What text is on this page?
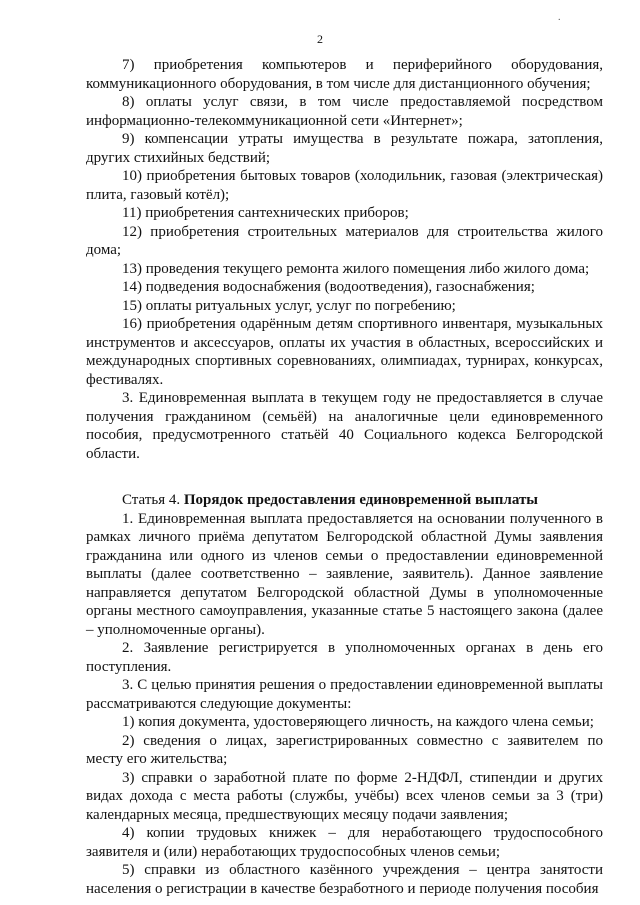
.
2

7) приобретения компьютеров и периферийного оборудования, коммуникационного оборудования, в том числе для дистанционного обучения;

8) оплаты услуг связи, в том числе предоставляемой посредством информационно-телекоммуникационной сети «Интернет»;

9) компенсации утраты имущества в результате пожара, затопления, других стихийных бедствий;

10) приобретения бытовых товаров (холодильник, газовая (электрическая) плита, газовый котёл);

11) приобретения сантехнических приборов;

12) приобретения строительных материалов для строительства жилого дома;

13) проведения текущего ремонта жилого помещения либо жилого дома;

14) подведения водоснабжения (водоотведения), газоснабжения;

15) оплаты ритуальных услуг, услуг по погребению;

16) приобретения одарённым детям спортивного инвентаря, музыкальных инструментов и аксессуаров, оплаты их участия в областных, всероссийских и международных спортивных соревнованиях, олимпиадах, турнирах, конкурсах, фестивалях.

3. Единовременная выплата в текущем году не предоставляется в случае получения гражданином (семьёй) на аналогичные цели единовременного пособия, предусмотренного статьёй 40 Социального кодекса Белгородской области.

Статья 4. Порядок предоставления единовременной выплаты

1. Единовременная выплата предоставляется на основании полученного в рамках личного приёма депутатом Белгородской областной Думы заявления гражданина или одного из членов семьи о предоставлении единовременной выплаты (далее соответственно – заявление, заявитель). Данное заявление направляется депутатом Белгородской областной Думы в уполномоченные органы местного самоуправления, указанные статье 5 настоящего закона (далее – уполномоченные органы).

2. Заявление регистрируется в уполномоченных органах в день его поступления.

3. С целью принятия решения о предоставлении единовременной выплаты рассматриваются следующие документы:

1) копия документа, удостоверяющего личность, на каждого члена семьи;

2) сведения о лицах, зарегистрированных совместно с заявителем по месту его жительства;

3) справки о заработной плате по форме 2-НДФЛ, стипендии и других видах дохода с места работы (службы, учёбы) всех членов семьи за 3 (три) календарных месяца, предшествующих месяцу подачи заявления;

4) копии трудовых книжек – для неработающего трудоспособного заявителя и (или) неработающих трудоспособных членов семьи;

5) справки из областного казённого учреждения – центра занятости населения о регистрации в качестве безработного и периоде получения пособия
